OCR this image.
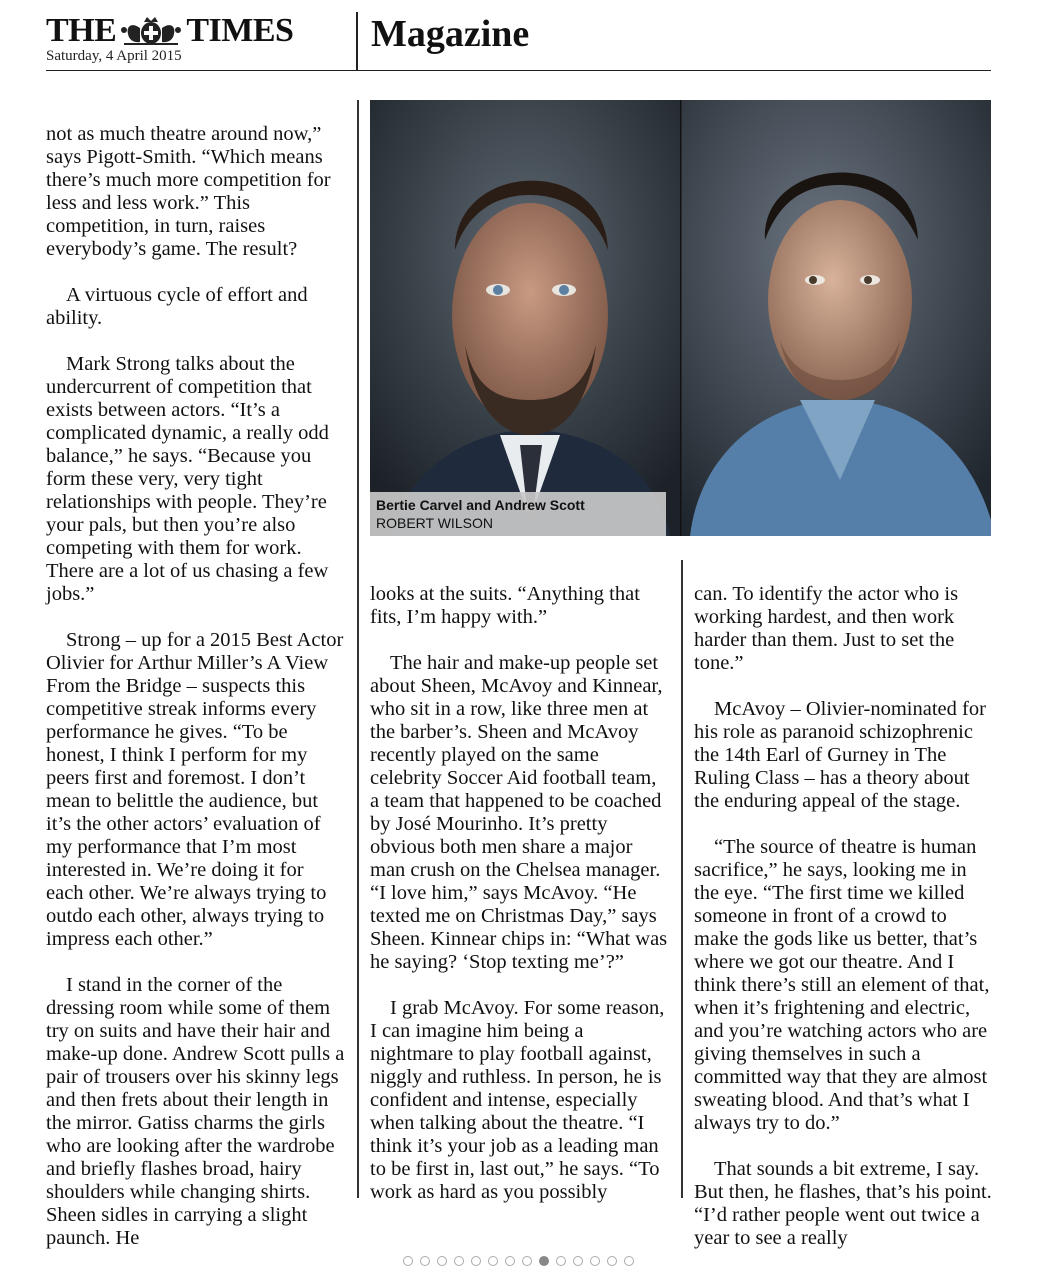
THE TIMES
Saturday, 4 April 2015
Magazine

not as much theatre around now,” says Pigott-Smith. “Which means there’s much more competition for less and less work.” This competition, in turn, raises everybody’s game. The result?

A virtuous cycle of effort and ability.

Mark Strong talks about the undercurrent of competition that exists between actors. “It’s a complicated dynamic, a really odd balance,” he says. “Because you form these very, very tight relationships with people. They’re your pals, but then you’re also competing with them for work. There are a lot of us chasing a few jobs.”

Strong – up for a 2015 Best Actor Olivier for Arthur Miller’s A View From the Bridge – suspects this competitive streak informs every performance he gives. “To be honest, I think I perform for my peers first and foremost. I don’t mean to belittle the audience, but it’s the other actors’ evaluation of my performance that I’m most interested in. We’re doing it for each other. We’re always trying to outdo each other, always trying to impress each other.”

I stand in the corner of the dressing room while some of them try on suits and have their hair and make-up done. Andrew Scott pulls a pair of trousers over his skinny legs and then frets about their length in the mirror. Gatiss charms the girls who are looking after the wardrobe and briefly flashes broad, hairy shoulders while changing shirts. Sheen sidles in carrying a slight paunch. He

Bertie Carvel and Andrew Scott
ROBERT WILSON

looks at the suits. “Anything that fits, I’m happy with.”

The hair and make-up people set about Sheen, McAvoy and Kinnear, who sit in a row, like three men at the barber’s. Sheen and McAvoy recently played on the same celebrity Soccer Aid football team, a team that happened to be coached by José Mourinho. It’s pretty obvious both men share a major man crush on the Chelsea manager. “I love him,” says McAvoy. “He texted me on Christmas Day,” says Sheen. Kinnear chips in: “What was he saying? ‘Stop texting me’?”

I grab McAvoy. For some reason, I can imagine him being a nightmare to play football against, niggly and ruthless. In person, he is confident and intense, especially when talking about the theatre. “I think it’s your job as a leading man to be first in, last out,” he says. “To work as hard as you possibly

can. To identify the actor who is working hardest, and then work harder than them. Just to set the tone.”

McAvoy – Olivier-nominated for his role as paranoid schizophrenic the 14th Earl of Gurney in The Ruling Class – has a theory about the enduring appeal of the stage.

“The source of theatre is human sacrifice,” he says, looking me in the eye. “The first time we killed someone in front of a crowd to make the gods like us better, that’s where we got our theatre. And I think there’s still an element of that, when it’s frightening and electric, and you’re watching actors who are giving themselves in such a committed way that they are almost sweating blood. And that’s what I always try to do.”

That sounds a bit extreme, I say. But then, he flashes, that’s his point. “I’d rather people went out twice a year to see a really
